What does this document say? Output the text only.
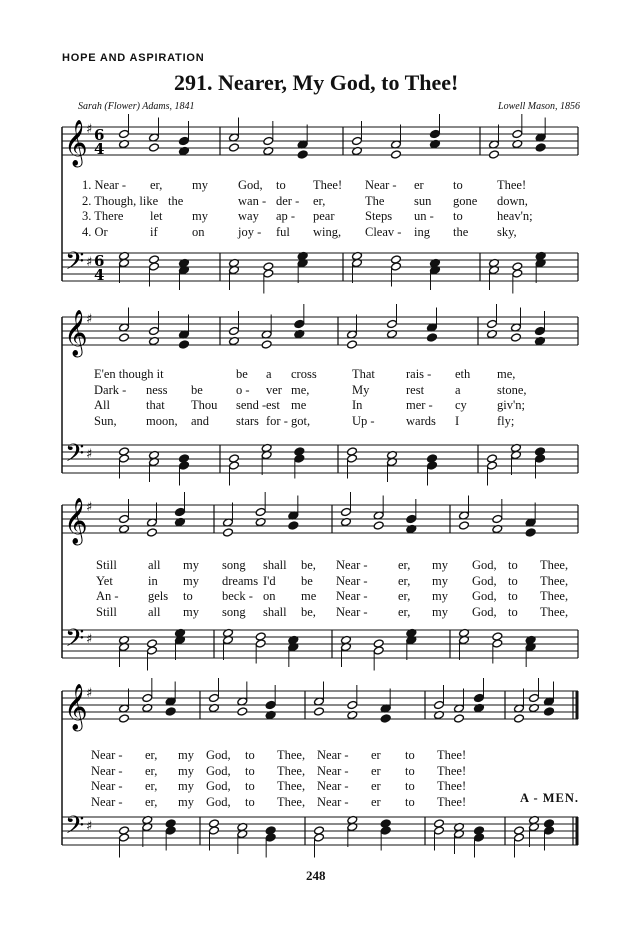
HOPE AND ASPIRATION
291. Nearer, My God, to Thee!
Sarah (Flower) Adams, 1841	Lowell Mason, 1856
𝄞
𝄢
♯
♯
6
4
6
4
𝄞
𝄢
♯
♯
𝄞
𝄢
♯
♯
𝄞
𝄢
♯
♯
1. Near - er, my God, to Thee! Near - er to	Thee!
2. Though, like the	wan - der - er,	The sun gone down,
3. There let my way ap - pear Steps un - to	heav'n;
4. Or	if	on	joy - ful wing, Cleav - ing the sky,
E'en though it	be a cross	That rais - eth me,
Dark - ness be	o - ver me,	My	rest a	stone,
All	that Thou send - est me	In	mer - cy giv'n;
Sun, moon, and stars for - got,	Up -	wards I	fly;
Still all my song shall be, Near - er, my God, to Thee,
Yet	in my dreams I'd be Near - er, my God, to Thee,
An - gels to beck - on me Near - er, my God, to Thee,
Still all my song shall be, Near - er, my God, to Thee,
Near - er, my God, to Thee, Near - er to Thee!
Near - er, my God, to Thee, Near - er to Thee!
Near - er, my God, to Thee, Near - er to Thee!
Near - er, my God, to Thee, Near - er to Thee!	A - MEN.
248
